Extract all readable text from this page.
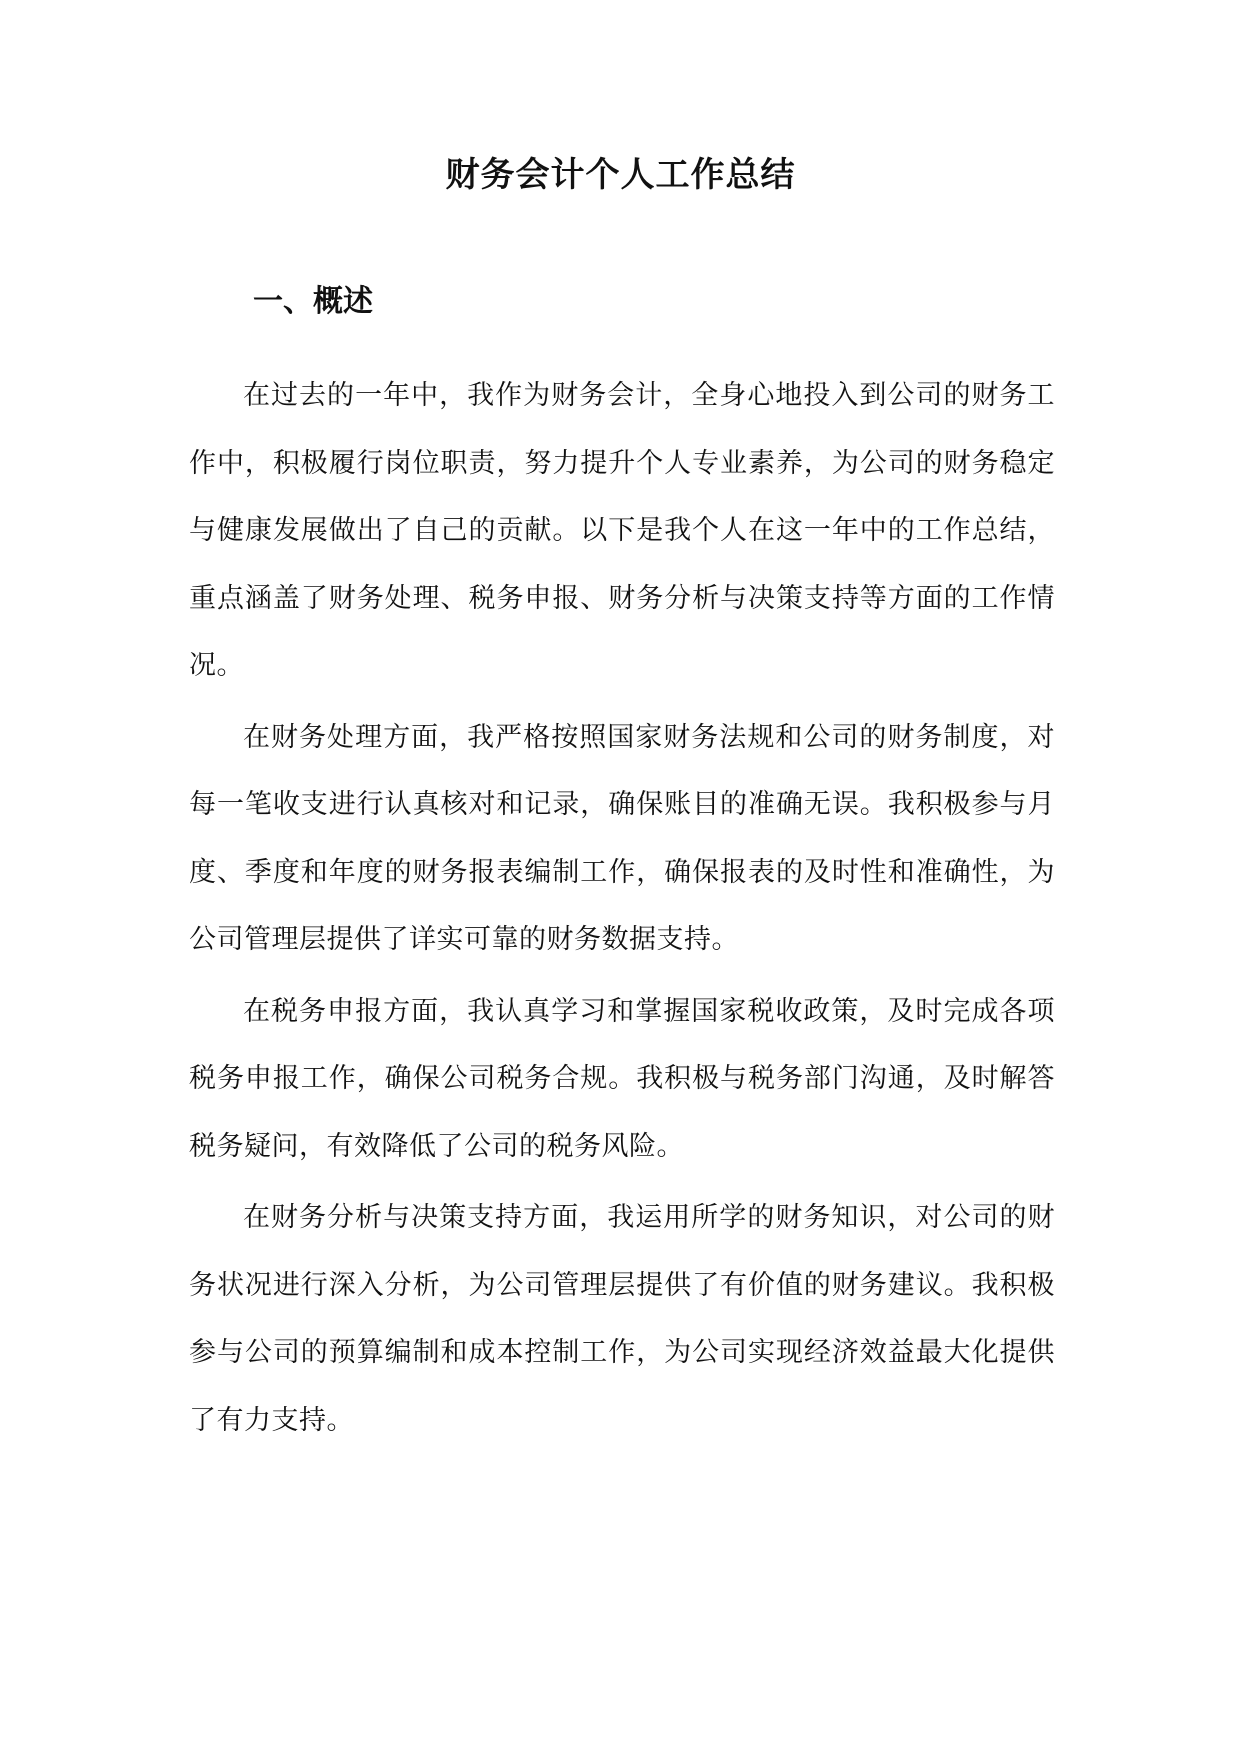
财务会计个人工作总结
一、概述

在过去的一年中，我作为财务会计，全身心地投入到公司的财务工作中，积极履行岗位职责，努力提升个人专业素养，为公司的财务稳定与健康发展做出了自己的贡献。以下是我个人在这一年中的工作总结，重点涵盖了财务处理、税务申报、财务分析与决策支持等方面的工作情况。

在财务处理方面，我严格按照国家财务法规和公司的财务制度，对每一笔收支进行认真核对和记录，确保账目的准确无误。我积极参与月度、季度和年度的财务报表编制工作，确保报表的及时性和准确性，为公司管理层提供了详实可靠的财务数据支持。

在税务申报方面，我认真学习和掌握国家税收政策，及时完成各项税务申报工作，确保公司税务合规。我积极与税务部门沟通，及时解答税务疑问，有效降低了公司的税务风险。

在财务分析与决策支持方面，我运用所学的财务知识，对公司的财务状况进行深入分析，为公司管理层提供了有价值的财务建议。我积极参与公司的预算编制和成本控制工作，为公司实现经济效益最大化提供了有力支持。
